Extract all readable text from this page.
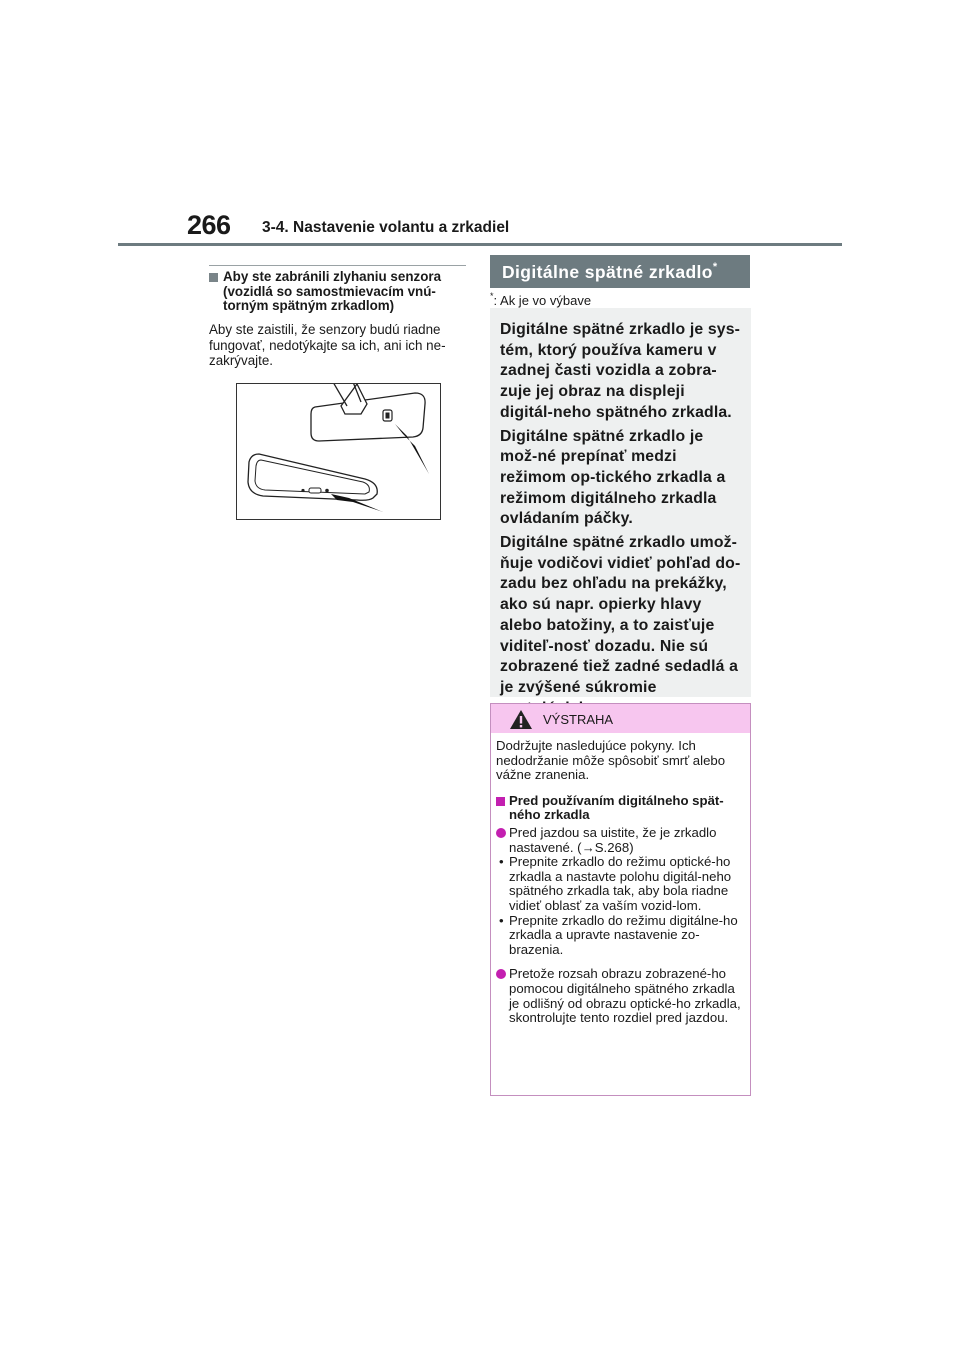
266 3-4. Nastavenie volantu a zrkadiel
Aby ste zabránili zlyhaniu senzora (vozidlá so samostmievacím vnú-torným spätným zrkadlom)
Aby ste zaistili, že senzory budú riadne fungovať, nedotýkajte sa ich, ani ich ne-zakrývajte.
Digitálne spätné zrkadlo*
*: Ak je vo výbave

Digitálne spätné zrkadlo je sys-tém, ktorý používa kameru v zadnej časti vozidla a zobra-zuje jej obraz na displeji digitál-neho spätného zrkadla.

Digitálne spätné zrkadlo je mož-né prepínať medzi režimom op-tického zrkadla a režimom digitálneho zrkadla ovládaním páčky.

Digitálne spätné zrkadlo umož-ňuje vodičovi vidieť pohľad do-zadu bez ohľadu na prekážky, ako sú napr. opierky hlavy alebo batožiny, a to zaisťuje viditeľ-nosť dozadu. Nie sú zobrazené tiež zadné sedadlá a je zvýšené súkromie

VÝSTRAHA

Dodržujte nasledujúce pokyny. Ich nedodržanie môže spôsobiť smrť alebo vážne zranenia.

Pred používaním digitálneho spät-ného zrkadla
Pred jazdou sa uistite, že je zrkadlo nastavené. (→S.268)
• Prepnite zrkadlo do režimu optické-ho zrkadla a nastavte polohu digitál-neho spätného zrkadla tak, aby bola riadne vidieť oblasť za vaším vozid-lom.
• Prepnite zrkadlo do režimu digitálne-ho zrkadla a upravte nastavenie zo-brazenia.
Pretože rozsah obrazu zobrazené-ho pomocou digitálneho spätného zrkadla je odlišný od obrazu optické-ho zrkadla, skontrolujte tento rozdiel pred jazdou.
